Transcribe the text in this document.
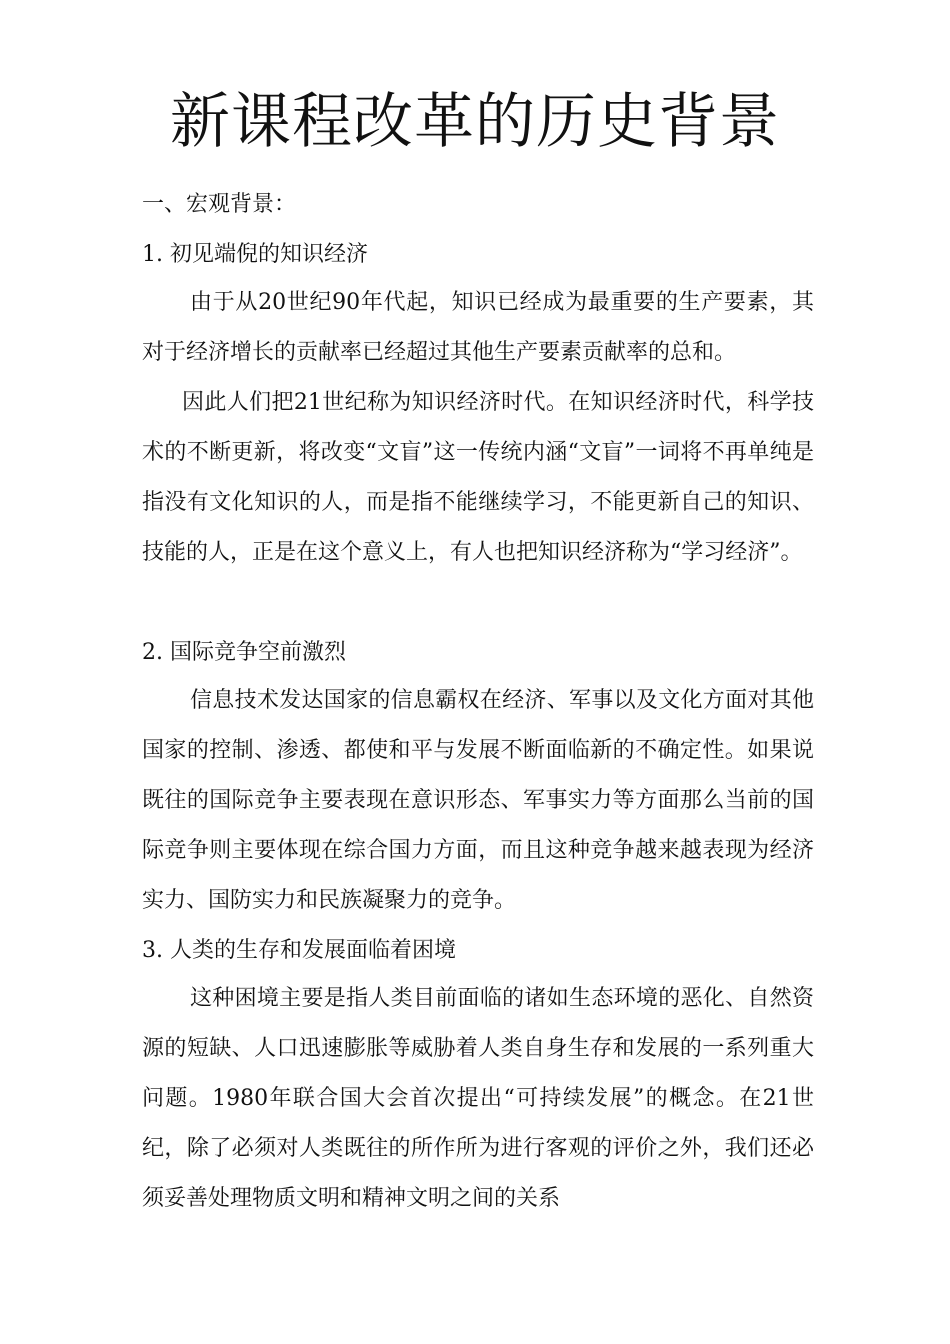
新课程改革的历史背景

一、宏观背景：

1. 初见端倪的知识经济

由于从20世纪90年代起，知识已经成为最重要的生产要素，其对于经济增长的贡献率已经超过其他生产要素贡献率的总和。

因此人们把21世纪称为知识经济时代。在知识经济时代，科学技术的不断更新，将改变“文盲”这一传统内涵“文盲”一词将不再单纯是指没有文化知识的人，而是指不能继续学习，不能更新自己的知识、技能的人，正是在这个意义上，有人也把知识经济称为“学习经济”。

2. 国际竞争空前激烈

信息技术发达国家的信息霸权在经济、军事以及文化方面对其他国家的控制、渗透、都使和平与发展不断面临新的不确定性。如果说既往的国际竞争主要表现在意识形态、军事实力等方面那么当前的国际竞争则主要体现在综合国力方面，而且这种竞争越来越表现为经济实力、国防实力和民族凝聚力的竞争。

3. 人类的生存和发展面临着困境

这种困境主要是指人类目前面临的诸如生态环境的恶化、自然资源的短缺、人口迅速膨胀等威胁着人类自身生存和发展的一系列重大问题。1980年联合国大会首次提出“可持续发展”的概念。在21世纪，除了必须对人类既往的所作所为进行客观的评价之外，我们还必须妥善处理物质文明和精神文明之间的关系
